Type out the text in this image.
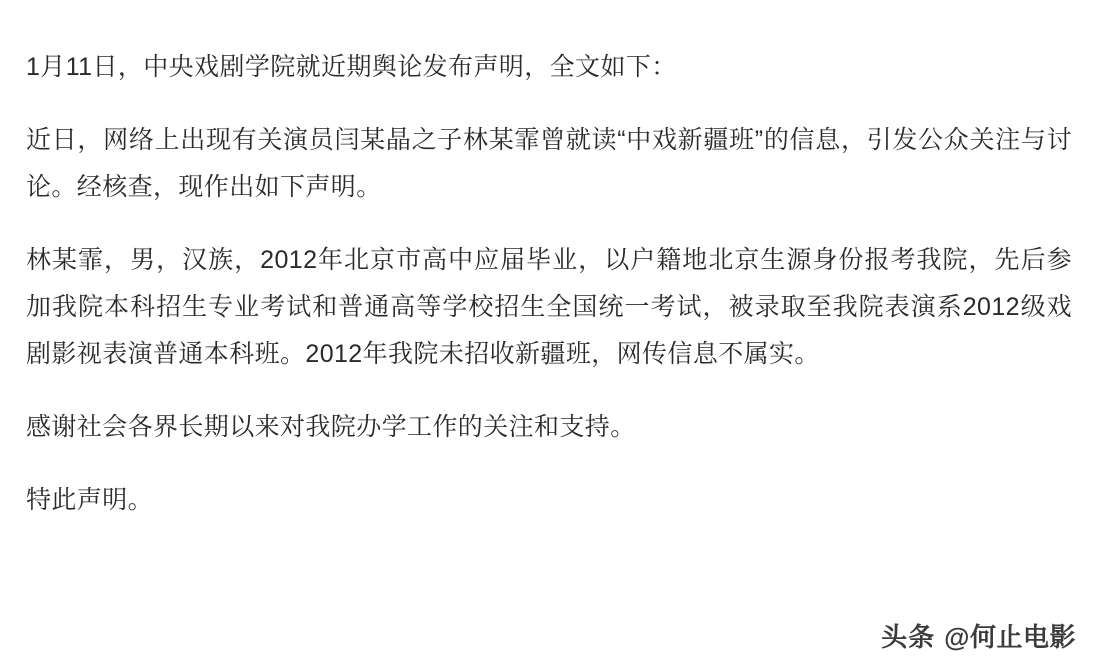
1月11日，中央戏剧学院就近期舆论发布声明，全文如下：

近日，网络上出现有关演员闫某晶之子林某霏曾就读“中戏新疆班”的信息，引发公众关注与讨论。经核查，现作出如下声明。

林某霏，男，汉族，2012年北京市高中应届毕业，以户籍地北京生源身份报考我院，先后参加我院本科招生专业考试和普通高等学校招生全国统一考试，被录取至我院表演系2012级戏剧影视表演普通本科班。2012年我院未招收新疆班，网传信息不属实。

感谢社会各界长期以来对我院办学工作的关注和支持。

特此声明。

头条 @何止电影
